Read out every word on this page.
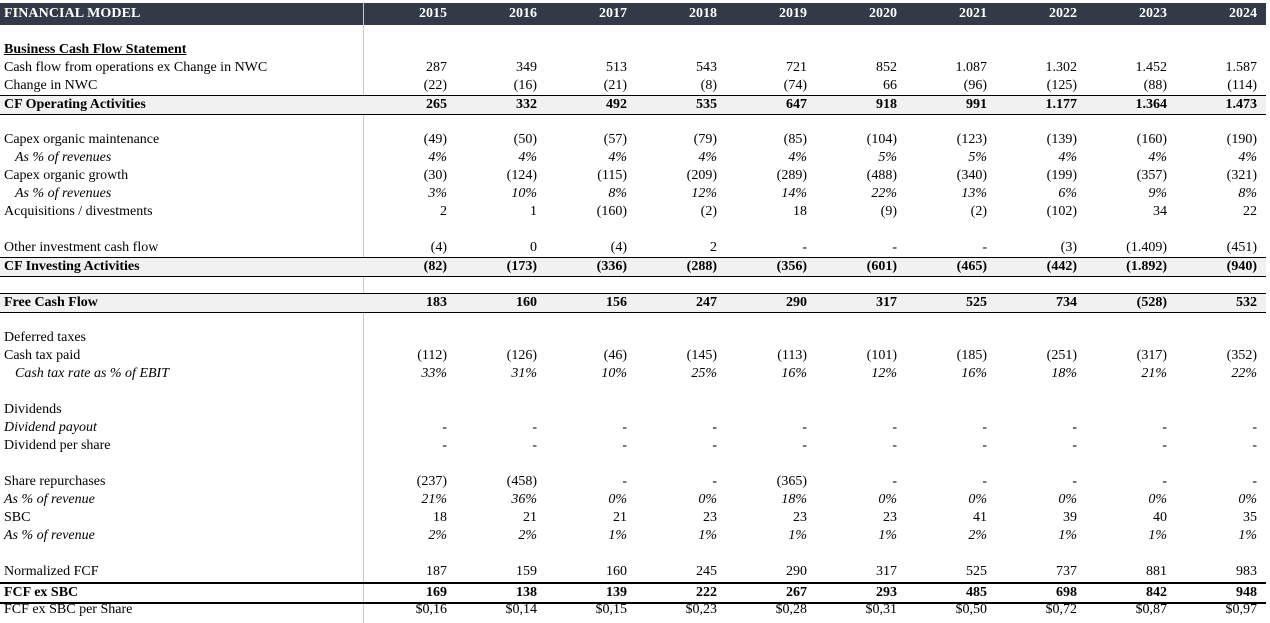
FINANCIAL MODEL	2015	2016	2017	2018	2019	2020	2021	2022	2023	2024
Business Cash Flow Statement
Cash flow from operations ex Change in NWC	287	349	513	543	721	852	1.087	1.302	1.452	1.587
Change in NWC	(22)	(16)	(21)	(8)	(74)	66	(96)	(125)	(88)	(114)
CF Operating Activities	265	332	492	535	647	918	991	1.177	1.364	1.473
Capex organic maintenance	(49)	(50)	(57)	(79)	(85)	(104)	(123)	(139)	(160)	(190)
As % of revenues	4%	4%	4%	4%	4%	5%	5%	4%	4%	4%
Capex organic growth	(30)	(124)	(115)	(209)	(289)	(488)	(340)	(199)	(357)	(321)
As % of revenues	3%	10%	8%	12%	14%	22%	13%	6%	9%	8%
Acquisitions / divestments	2	1	(160)	(2)	18	(9)	(2)	(102)	34	22
Other investment cash flow	(4)	0	(4)	2	-	-	-	(3)	(1.409)	(451)
CF Investing Activities	(82)	(173)	(336)	(288)	(356)	(601)	(465)	(442)	(1.892)	(940)
Free Cash Flow	183	160	156	247	290	317	525	734	(528)	532
Deferred taxes
Cash tax paid	(112)	(126)	(46)	(145)	(113)	(101)	(185)	(251)	(317)	(352)
Cash tax rate as % of EBIT	33%	31%	10%	25%	16%	12%	16%	18%	21%	22%
Dividends
Dividend payout	-	-	-	-	-	-	-	-	-	-
Dividend per share	-	-	-	-	-	-	-	-	-	-
Share repurchases	(237)	(458)	-	-	(365)	-	-	-	-	-
As % of revenue	21%	36%	0%	0%	18%	0%	0%	0%	0%	0%
SBC	18	21	21	23	23	23	41	39	40	35
As % of revenue	2%	2%	1%	1%	1%	1%	2%	1%	1%	1%
Normalized FCF	187	159	160	245	290	317	525	737	881	983
FCF ex SBC	169	138	139	222	267	293	485	698	842	948
FCF ex SBC per Share	$0,16	$0,14	$0,15	$0,23	$0,28	$0,31	$0,50	$0,72	$0,87	$0,97
